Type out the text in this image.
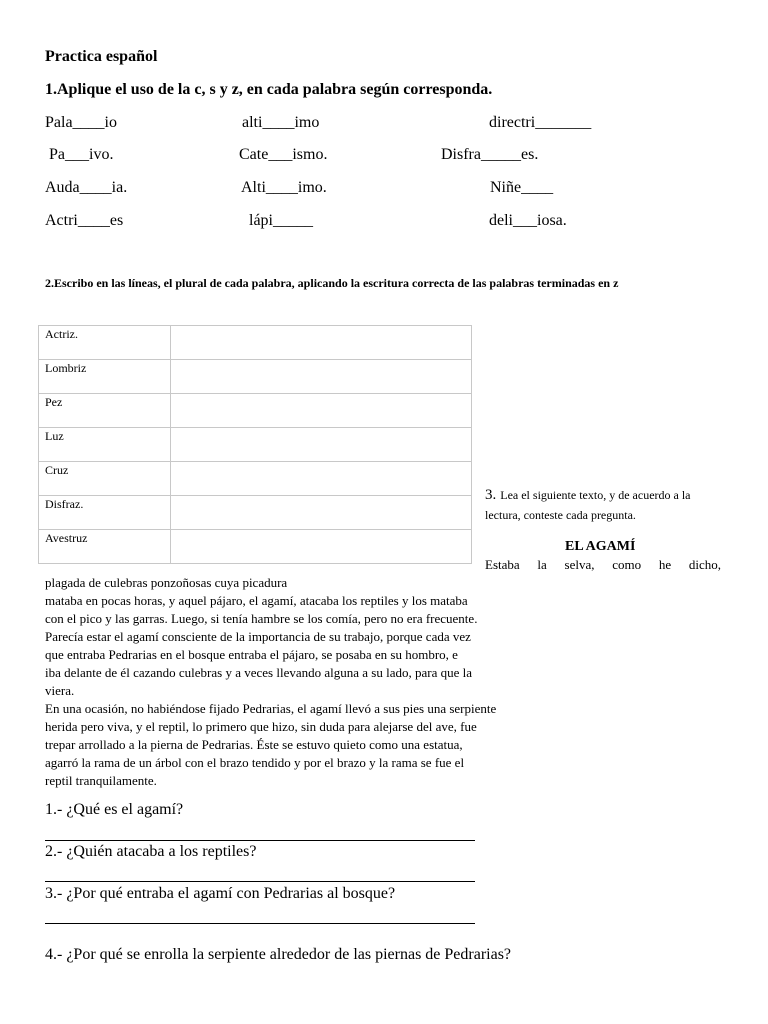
Practica español
1.Aplique el uso de la c, s y z, en cada palabra según corresponda.
Pala____io	alti____imo	directri_______
Pa___ivo.	Cate___ismo.	Disfra_____es.
Auda____ia.	Alti____imo.	Niñe____
Actri____es	lápi_____	deli___iosa.
2.Escribo en las líneas, el plural de cada palabra, aplicando la escritura correcta de las palabras terminadas en z
Actriz.	
Lombriz	
Pez	
Luz	
Cruz	
Disfraz.	
Avestruz	
3. Lea el siguiente texto, y de acuerdo a la
lectura, conteste cada pregunta.
EL AGAMÍ
Estaba la selva, como he dicho,
plagada de culebras ponzoñosas cuya picadura
mataba en pocas horas, y aquel pájaro, el agamí, atacaba los reptiles y los mataba
con el pico y las garras. Luego, si tenía hambre se los comía, pero no era frecuente.
Parecía estar el agamí consciente de la importancia de su trabajo, porque cada vez
que entraba Pedrarias en el bosque entraba el pájaro, se posaba en su hombro, e
iba delante de él cazando culebras y a veces llevando alguna a su lado, para que la
viera.
En una ocasión, no habiéndose fijado Pedrarias, el agamí llevó a sus pies una serpiente
herida pero viva, y el reptil, lo primero que hizo, sin duda para alejarse del ave, fue
trepar arrollado a la pierna de Pedrarias. Éste se estuvo quieto como una estatua,
agarró la rama de un árbol con el brazo tendido y por el brazo y la rama se fue el
reptil tranquilamente.
1.- ¿Qué es el agamí?
2.- ¿Quién atacaba a los reptiles?
3.- ¿Por qué entraba el agamí con Pedrarias al bosque?
4.- ¿Por qué se enrolla la serpiente alrededor de las piernas de Pedrarias?
